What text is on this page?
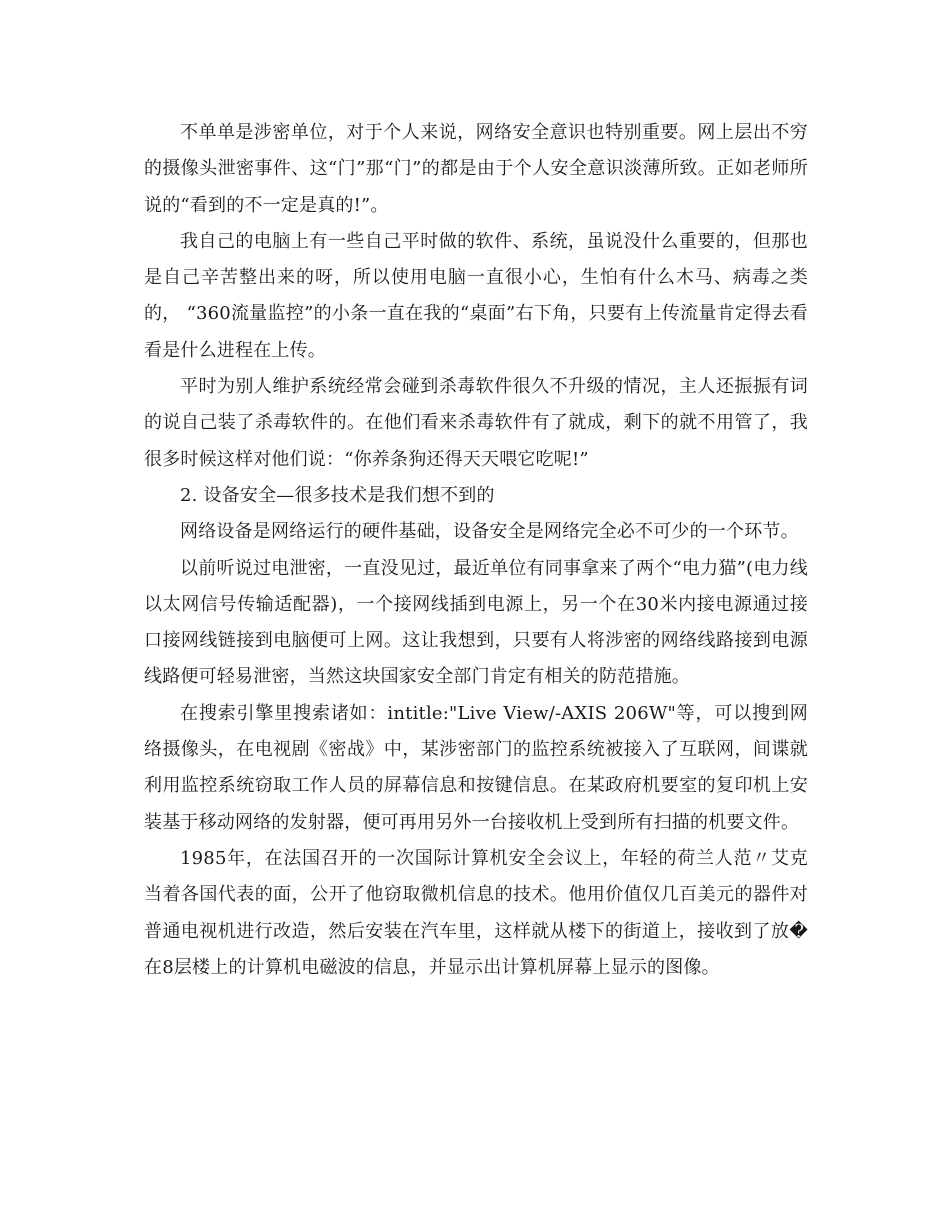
不单单是涉密单位，对于个人来说，网络安全意识也特别重要。网上层出不穷的摄像头泄密事件、这“门”那“门”的都是由于个人安全意识淡薄所致。正如老师所说的“看到的不一定是真的!”。

我自己的电脑上有一些自己平时做的软件、系统，虽说没什么重要的，但那也是自己辛苦整出来的呀，所以使用电脑一直很小心，生怕有什么木马、病毒之类的， “360流量监控”的小条一直在我的“桌面”右下角，只要有上传流量肯定得去看看是什么进程在上传。

平时为别人维护系统经常会碰到杀毒软件很久不升级的情况，主人还振振有词的说自己装了杀毒软件的。在他们看来杀毒软件有了就成，剩下的就不用管了，我很多时候这样对他们说：“你养条狗还得天天喂它吃呢!”

2. 设备安全—很多技术是我们想不到的

网络设备是网络运行的硬件基础，设备安全是网络完全必不可少的一个环节。

以前听说过电泄密，一直没见过，最近单位有同事拿来了两个“电力猫”(电力线以太网信号传输适配器)，一个接网线插到电源上，另一个在30米内接电源通过接口接网线链接到电脑便可上网。这让我想到，只要有人将涉密的网络线路接到电源线路便可轻易泄密，当然这块国家安全部门肯定有相关的防范措施。

在搜索引擎里搜索诸如：intitle:"Live View/-AXIS 206W"等，可以搜到网络摄像头，在电视剧《密战》中，某涉密部门的监控系统被接入了互联网，间谍就利用监控系统窃取工作人员的屏幕信息和按键信息。在某政府机要室的复印机上安装基于移动网络的发射器，便可再用另外一台接收机上受到所有扫描的机要文件。

1985年，在法国召开的一次国际计算机安全会议上，年轻的荷兰人范〃艾克当着各国代表的面，公开了他窃取微机信息的技术。他用价值仅几百美元的器件对普通电视机进行改造，然后安装在汽车里，这样就从楼下的街道上，接收到了放�在8层楼上的计算机电磁波的信息，并显示出计算机屏幕上显示的图像。
